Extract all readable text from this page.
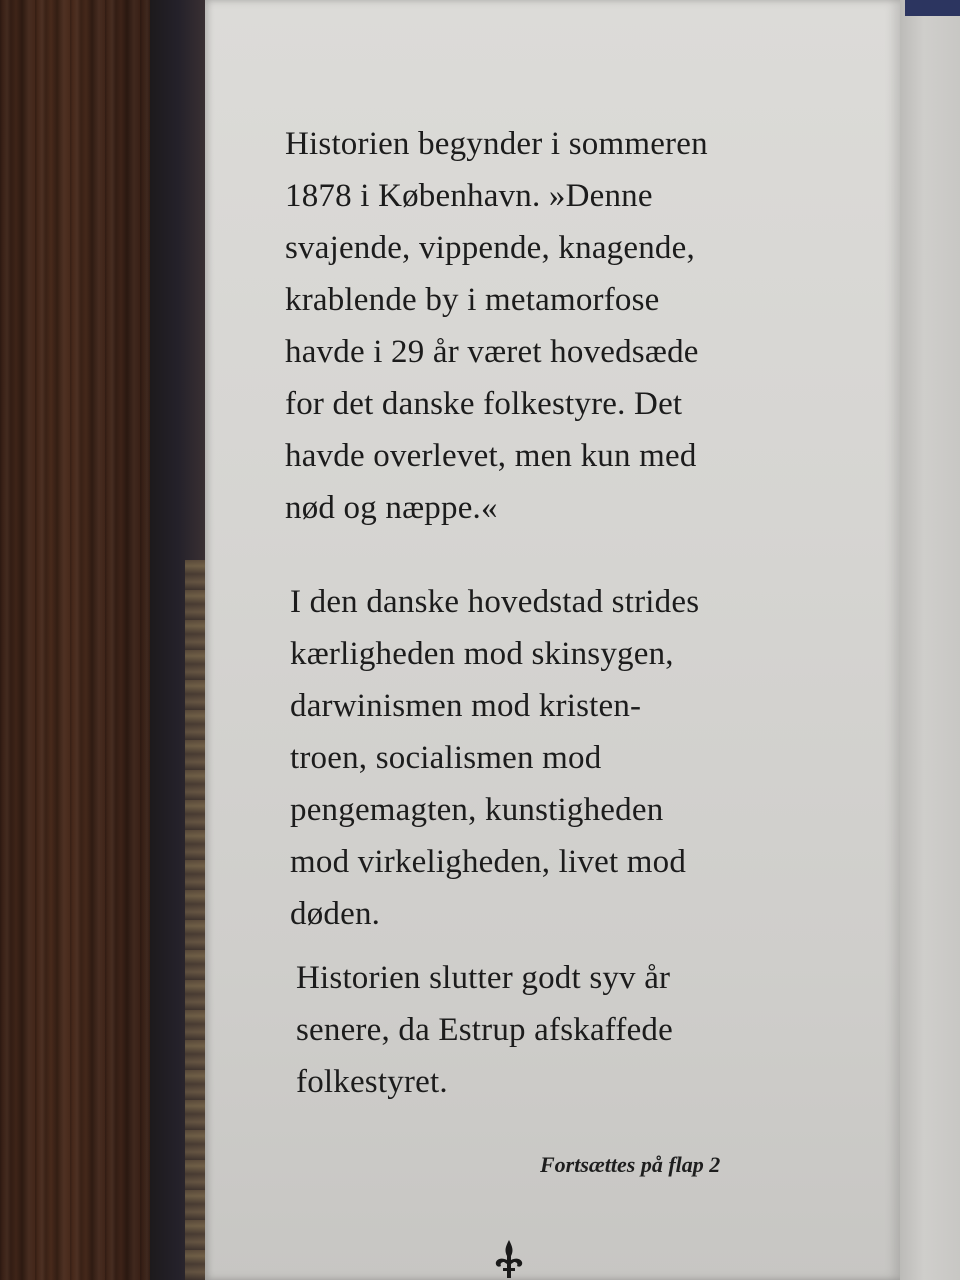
Historien begynder i sommeren
1878 i København. »Denne
svajende, vippende, knagende,
krablende by i metamorfose
havde i 29 år været hovedsæde
for det danske folkestyre. Det
havde overlevet, men kun med
nød og næppe.«
I den danske hovedstad strides
kærligheden mod skinsygen,
darwinismen mod kristen-
troen, socialismen mod
pengemagten, kunstigheden
mod virkeligheden, livet mod
døden.
Historien slutter godt syv år
senere, da Estrup afskaffede
folkestyret.
Fortsættes på flap 2
